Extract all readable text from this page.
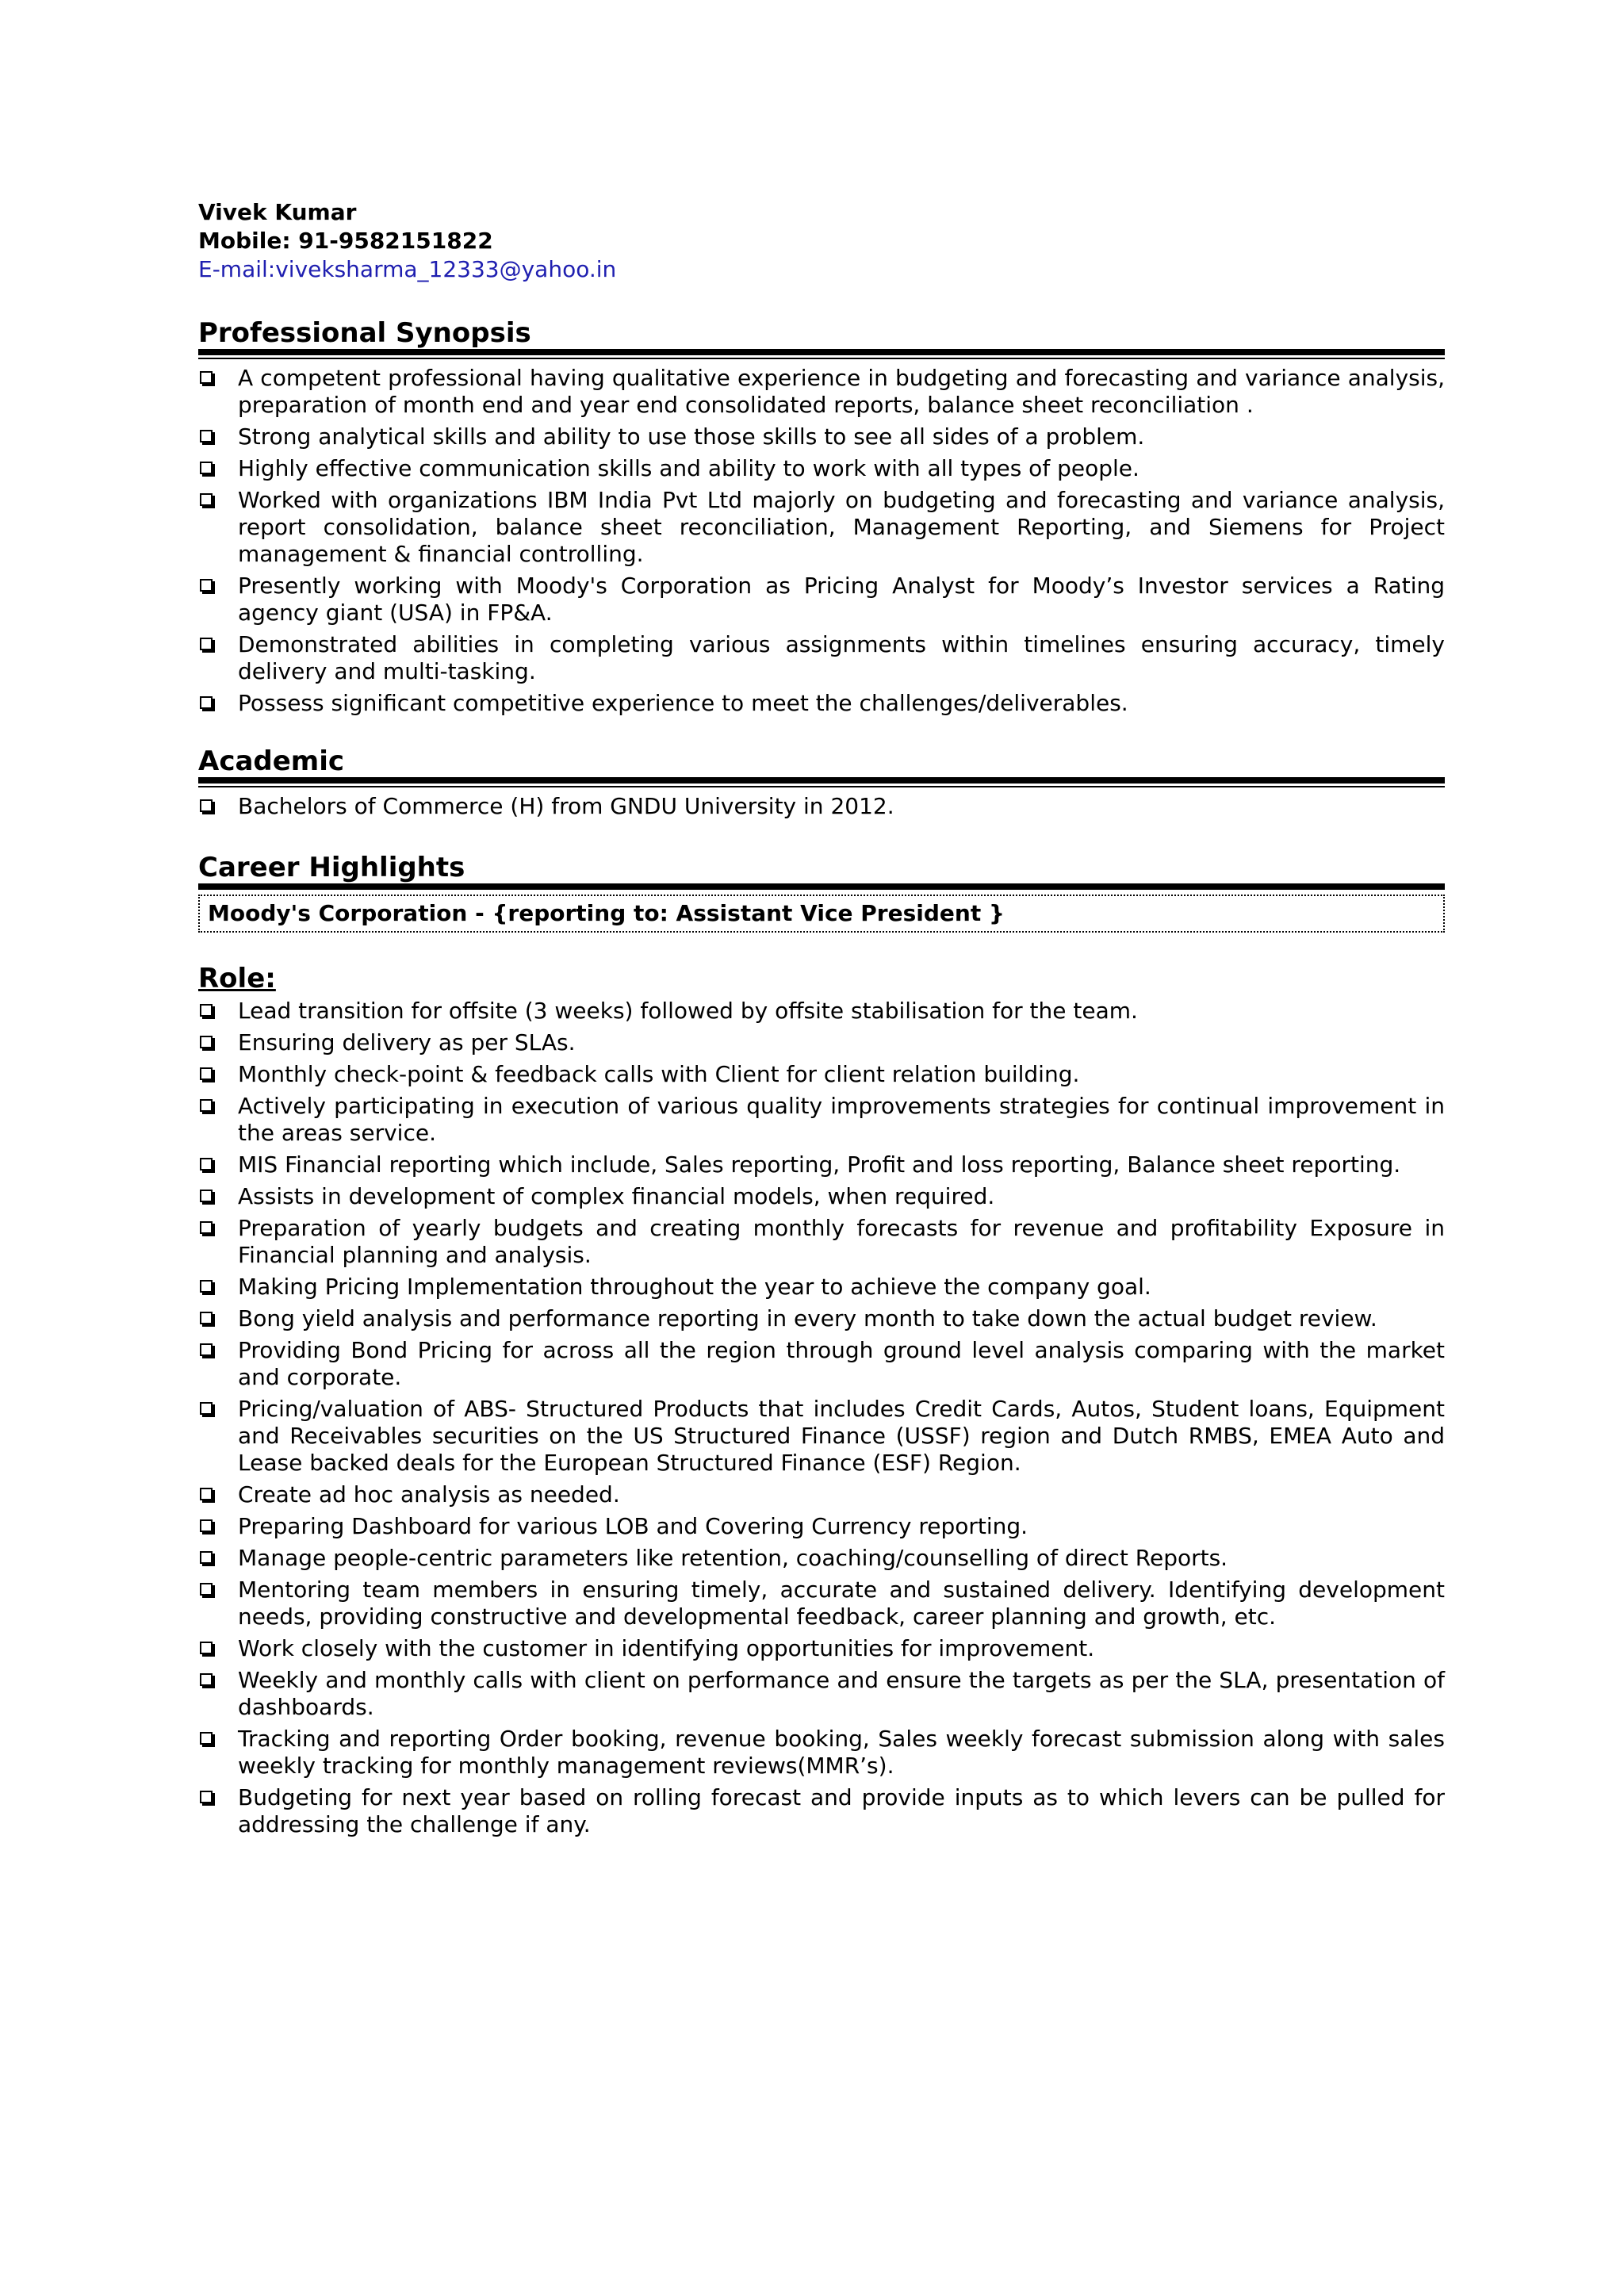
Vivek Kumar
Mobile: 91-9582151822
E-mail:viveksharma_12333@yahoo.in
Professional Synopsis
A competent professional having qualitative experience in budgeting and forecasting and variance analysis, preparation of month end and year end consolidated reports, balance sheet reconciliation .
Strong analytical skills and ability to use those skills to see all sides of a problem.
Highly effective communication skills and ability to work with all types of people.
Worked with organizations IBM India Pvt Ltd majorly on budgeting and forecasting and variance analysis, report consolidation, balance sheet reconciliation, Management Reporting, and Siemens for Project management & financial controlling.
Presently working with Moody's Corporation as Pricing Analyst for Moody’s Investor services a Rating agency giant (USA) in FP&A.
Demonstrated abilities in completing various assignments within timelines ensuring accuracy, timely delivery and multi-tasking.
Possess significant competitive experience to meet the challenges/deliverables.
Academic
Bachelors of Commerce (H) from GNDU University in 2012.
Career Highlights
Moody's Corporation - {reporting to: Assistant Vice President }
Role:
Lead transition for offsite (3 weeks) followed by offsite stabilisation for the team.
Ensuring delivery as per SLAs.
Monthly check-point & feedback calls with Client for client relation building.
Actively participating in execution of various quality improvements strategies for continual improvement in the areas service.
MIS Financial reporting which include, Sales reporting, Profit and loss reporting, Balance sheet reporting.
Assists in development of complex financial models, when required.
Preparation of yearly budgets and creating monthly forecasts for revenue and profitability Exposure in Financial planning and analysis.
Making Pricing Implementation throughout the year to achieve the company goal.
Bong yield analysis and performance reporting in every month to take down the actual budget review.
Providing Bond Pricing for across all the region through ground level analysis comparing with the market and corporate.
Pricing/valuation of ABS- Structured Products that includes Credit Cards, Autos, Student loans, Equipment and Receivables securities on the US Structured Finance (USSF) region and Dutch RMBS, EMEA Auto and Lease backed deals for the European Structured Finance (ESF) Region.
Create ad hoc analysis as needed.
Preparing Dashboard for various LOB and Covering Currency reporting.
Manage people-centric parameters like retention, coaching/counselling of direct Reports.
Mentoring team members in ensuring timely, accurate and sustained delivery. Identifying development needs, providing constructive and developmental feedback, career planning and growth, etc.
Work closely with the customer in identifying opportunities for improvement.
Weekly and monthly calls with client on performance and ensure the targets as per the SLA, presentation of dashboards.
Tracking and reporting Order booking, revenue booking, Sales weekly forecast submission along with sales weekly tracking for monthly management reviews(MMR’s).
Budgeting for next year based on rolling forecast and provide inputs as to which levers can be pulled for addressing the challenge if any.
